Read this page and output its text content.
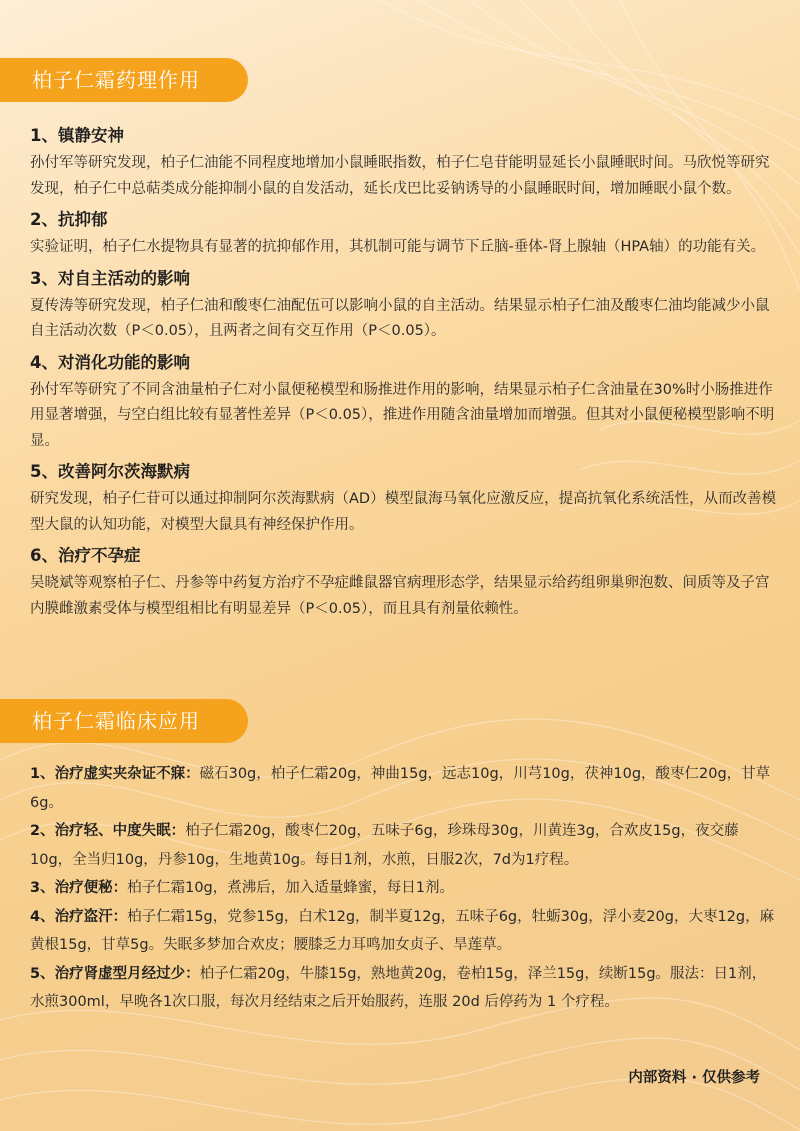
柏子仁霜药理作用
1、镇静安神
孙付军等研究发现，柏子仁油能不同程度地增加小鼠睡眠指数，柏子仁皂苷能明显延长小鼠睡眠时间。马欣悦等研究发现，柏子仁中总萜类成分能抑制小鼠的自发活动，延长戊巴比妥钠诱导的小鼠睡眠时间，增加睡眠小鼠个数。
2、抗抑郁
实验证明，柏子仁水提物具有显著的抗抑郁作用，其机制可能与调节下丘脑-垂体-肾上腺轴（HPA轴）的功能有关。
3、对自主活动的影响
夏传涛等研究发现，柏子仁油和酸枣仁油配伍可以影响小鼠的自主活动。结果显示柏子仁油及酸枣仁油均能减少小鼠自主活动次数（P＜0.05），且两者之间有交互作用（P＜0.05）。
4、对消化功能的影响
孙付军等研究了不同含油量柏子仁对小鼠便秘模型和肠推进作用的影响，结果显示柏子仁含油量在30%时小肠推进作用显著增强，与空白组比较有显著性差异（P＜0.05），推进作用随含油量增加而增强。但其对小鼠便秘模型影响不明显。
5、改善阿尔茨海默病
研究发现，柏子仁苷可以通过抑制阿尔茨海默病（AD）模型鼠海马氧化应激反应，提高抗氧化系统活性，从而改善模型大鼠的认知功能，对模型大鼠具有神经保护作用。
6、治疗不孕症
吴晓斌等观察柏子仁、丹参等中药复方治疗不孕症雌鼠器官病理形态学，结果显示给药组卵巢卵泡数、间质等及子宫内膜雌激素受体与模型组相比有明显差异（P＜0.05），而且具有剂量依赖性。
柏子仁霜临床应用
1、治疗虚实夹杂证不寐：磁石30g，柏子仁霜20g，神曲15g，远志10g，川芎10g，茯神10g，酸枣仁20g，甘草6g。
2、治疗轻、中度失眠：柏子仁霜20g，酸枣仁20g，五味子6g，珍珠母30g，川黄连3g，合欢皮15g，夜交藤10g，全当归10g，丹参10g，生地黄10g。每日1剂，水煎，日服2次，7d为1疗程。
3、治疗便秘：柏子仁霜10g，煮沸后，加入适量蜂蜜，每日1剂。
4、治疗盗汗：柏子仁霜15g，党参15g，白术12g，制半夏12g，五味子6g，牡蛎30g，浮小麦20g，大枣12g，麻黄根15g，甘草5g。失眠多梦加合欢皮；腰膝乏力耳鸣加女贞子、旱莲草。
5、治疗肾虚型月经过少：柏子仁霜20g，牛膝15g，熟地黄20g，卷柏15g，泽兰15g，续断15g。服法：日1剂，水煎300ml，早晚各1次口服，每次月经结束之后开始服药，连服 20d 后停药为 1 个疗程。
内部资料 · 仅供参考
